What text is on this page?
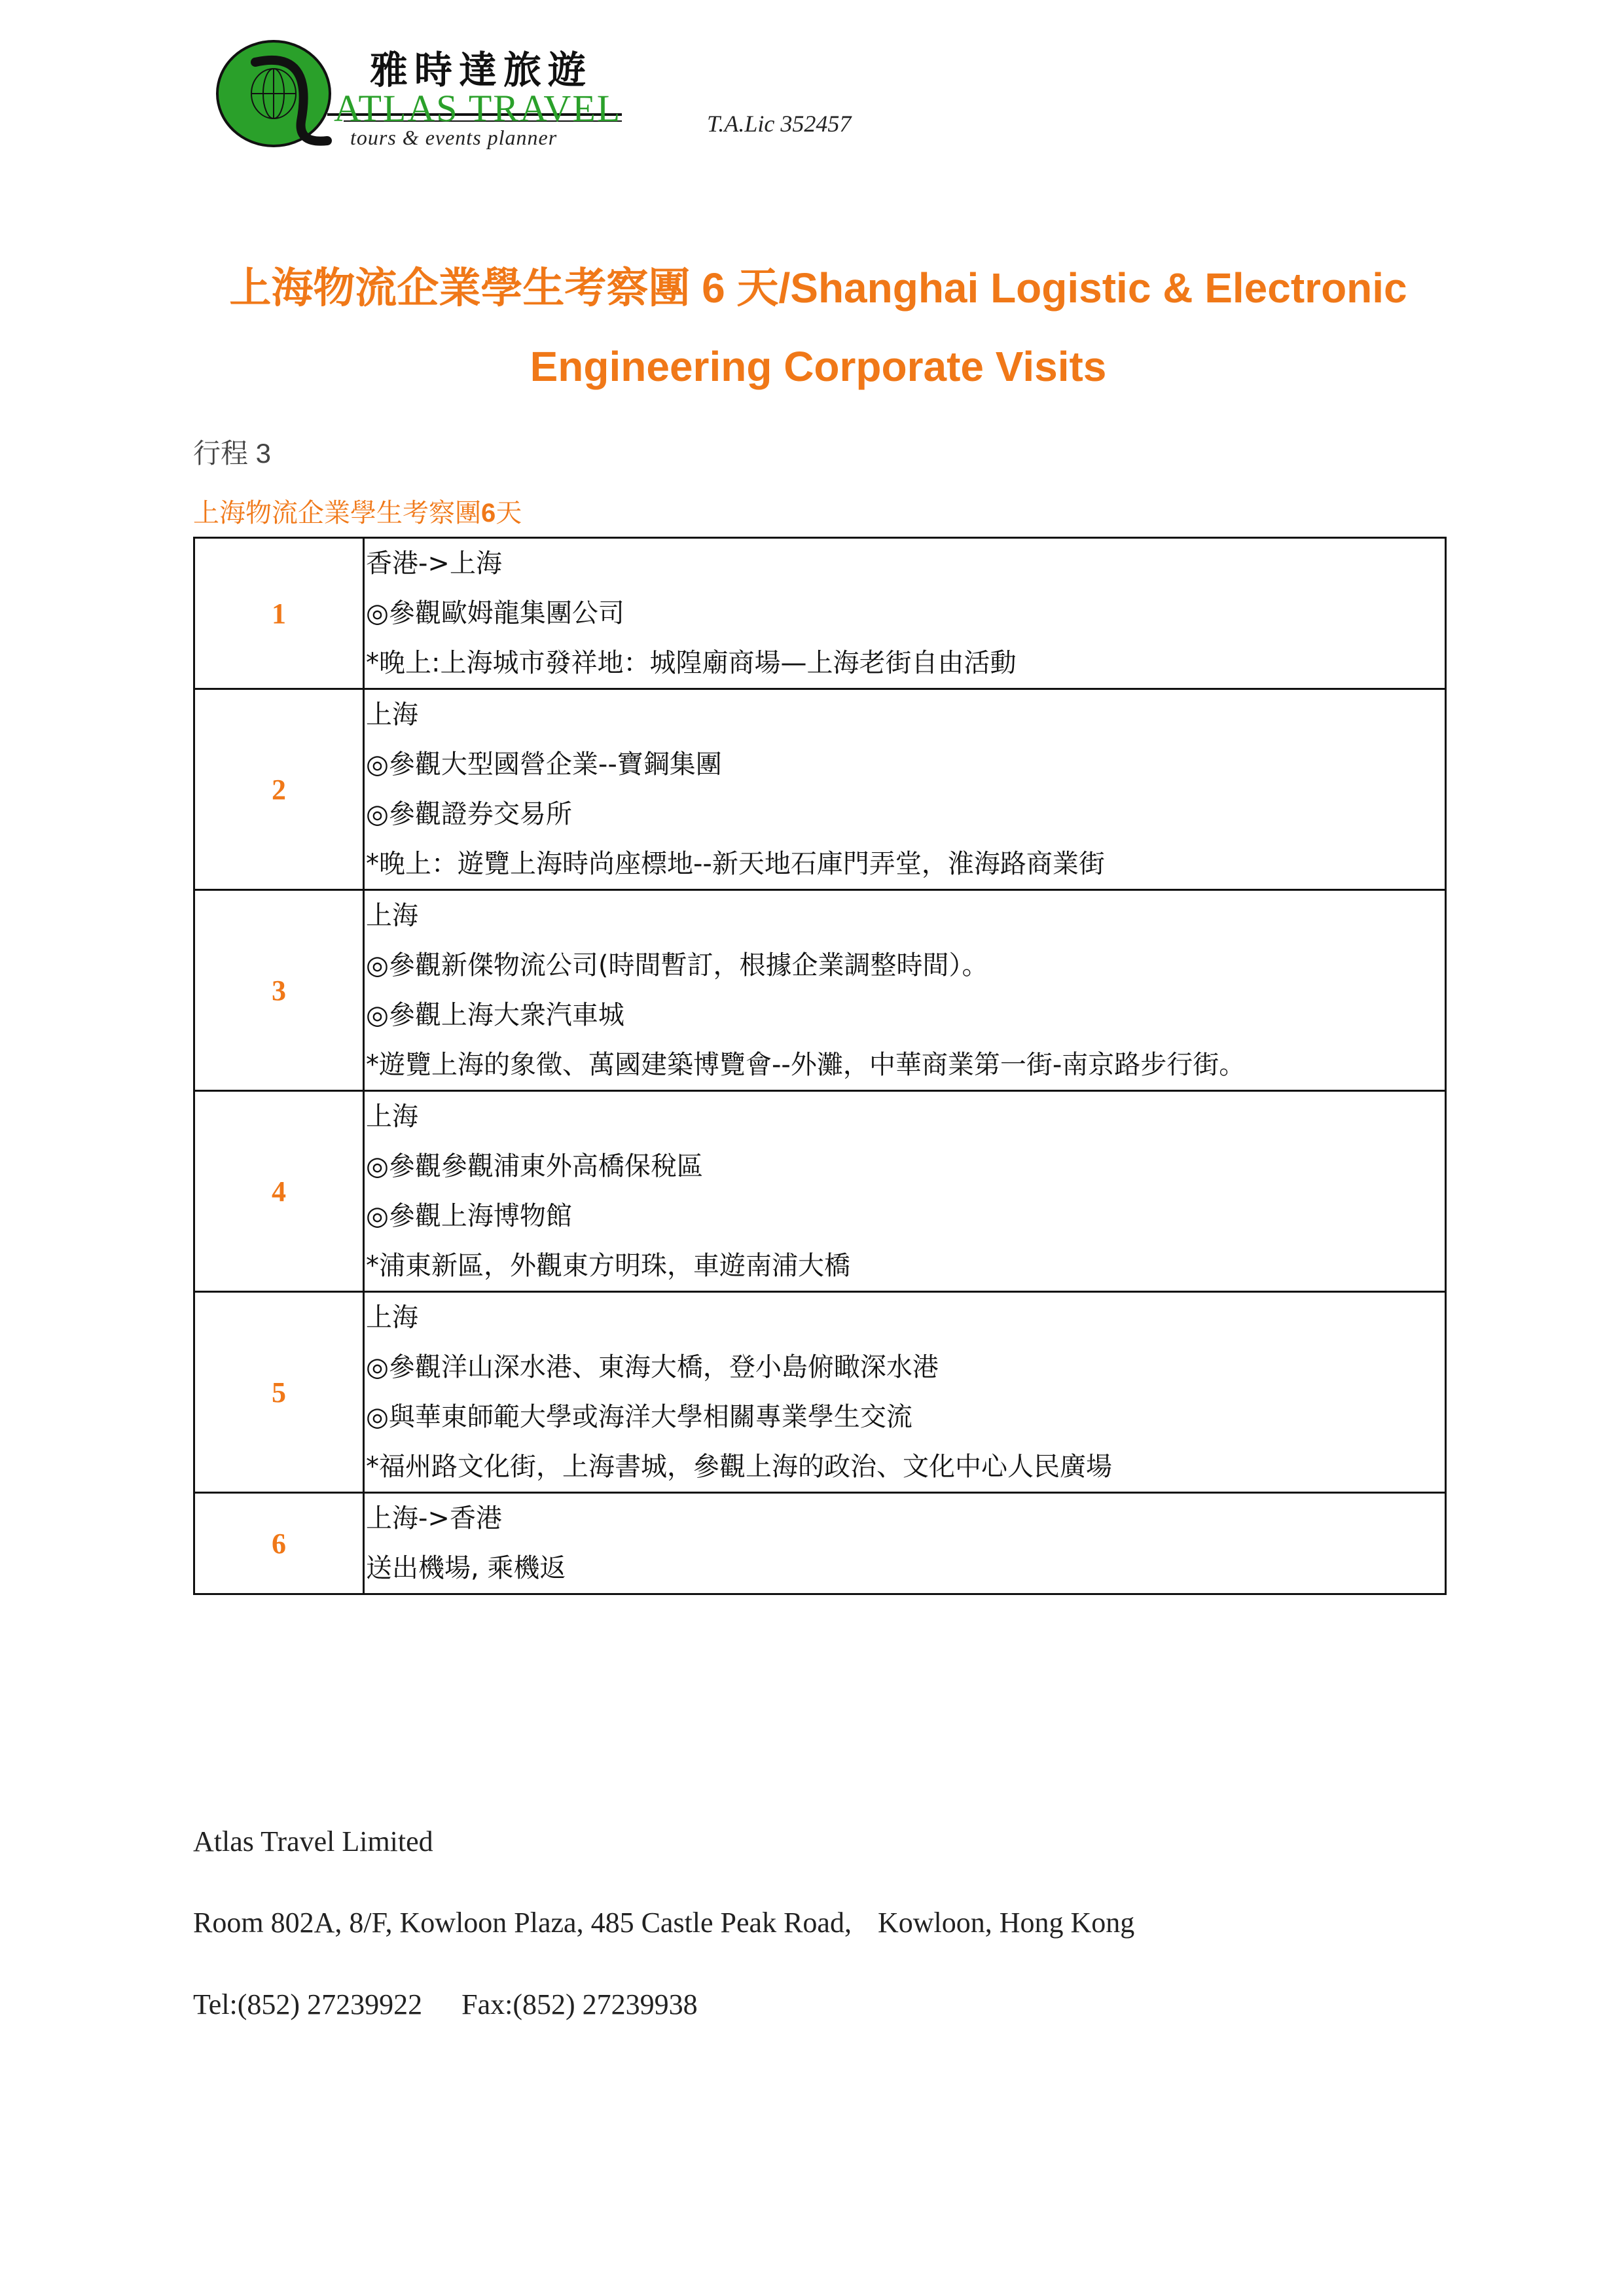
雅時達旅遊
ATLAS TRAVEL
tours & events planner
T.A.Lic 352457
上海物流企業學生考察團 6 天/Shanghai Logistic & Electronic
Engineering Corporate Visits
行程 3
上海物流企業學生考察團6天
1	香港->上海
◎參觀歐姆龍集團公司
*晚上:上海城市發祥地：城隍廟商場—上海老街自由活動

2	上海
◎參觀大型國營企業--寶鋼集團
◎參觀證券交易所
*晚上：遊覽上海時尚座標地--新天地石庫門弄堂，淮海路商業街

3	上海
◎參觀新傑物流公司(時間暫訂，根據企業調整時間）。
◎參觀上海大衆汽車城
*遊覽上海的象徵、萬國建築博覽會--外灘，中華商業第一街-南京路步行街。

4	上海
◎參觀參觀浦東外高橋保稅區
◎參觀上海博物館
*浦東新區，外觀東方明珠，車遊南浦大橋

5	上海
◎參觀洋山深水港、東海大橋，登小島俯瞰深水港
◎與華東師範大學或海洋大學相關專業學生交流
*福州路文化街，上海書城，參觀上海的政治、文化中心人民廣場

6	上海->香港
送出機場, 乘機返
Atlas Travel Limited
Room 802A, 8/F, Kowloon Plaza, 485 Castle Peak Road, Kowloon, Hong Kong
Tel:(852) 27239922 Fax:(852) 27239938
